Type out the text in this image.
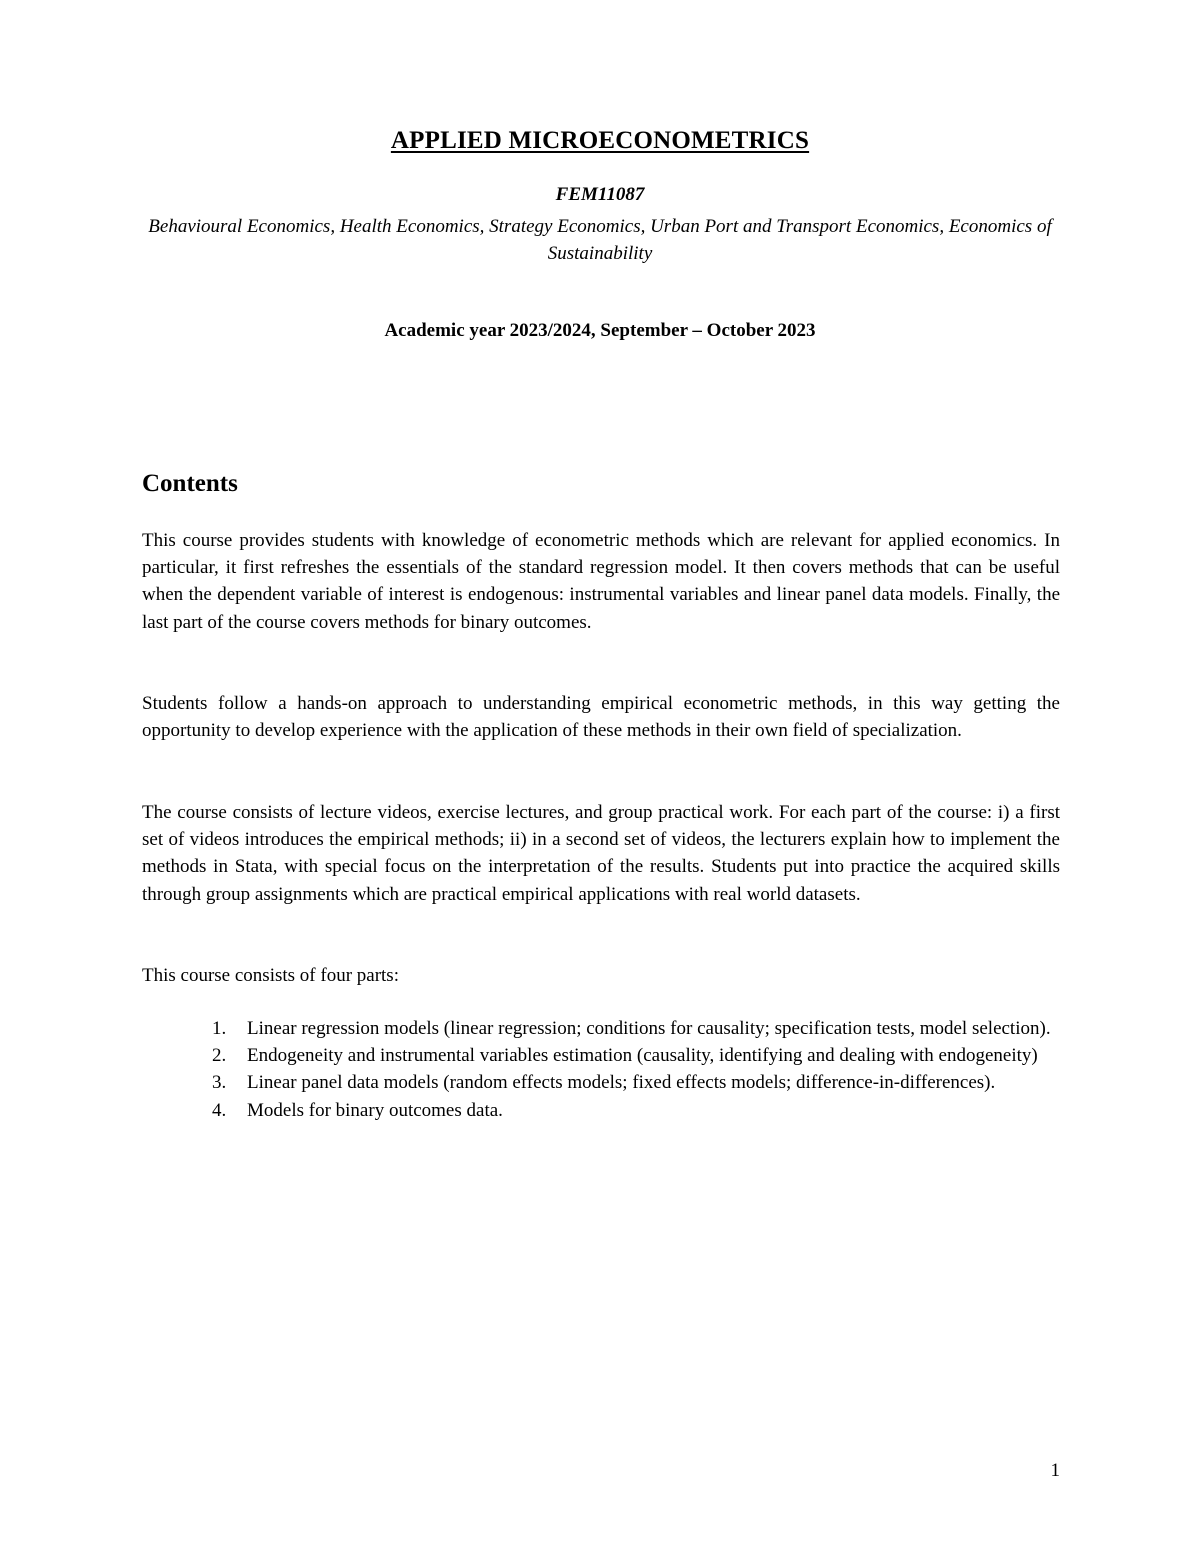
APPLIED MICROECONOMETRICS
FEM11087
Behavioural Economics, Health Economics, Strategy Economics, Urban Port and Transport Economics, Economics of Sustainability
Academic year 2023/2024, September – October 2023
Contents
This course provides students with knowledge of econometric methods which are relevant for applied economics. In particular, it first refreshes the essentials of the standard regression model. It then covers methods that can be useful when the dependent variable of interest is endogenous: instrumental variables and linear panel data models. Finally, the last part of the course covers methods for binary outcomes.
Students follow a hands-on approach to understanding empirical econometric methods, in this way getting the opportunity to develop experience with the application of these methods in their own field of specialization.
The course consists of lecture videos, exercise lectures, and group practical work. For each part of the course: i) a first set of videos introduces the empirical methods; ii) in a second set of videos, the lecturers explain how to implement the methods in Stata, with special focus on the interpretation of the results. Students put into practice the acquired skills through group assignments which are practical empirical applications with real world datasets.
This course consists of four parts:
1. Linear regression models (linear regression; conditions for causality; specification tests, model selection).
2. Endogeneity and instrumental variables estimation (causality, identifying and dealing with endogeneity)
3. Linear panel data models (random effects models; fixed effects models; difference-in-differences).
4. Models for binary outcomes data.
1
